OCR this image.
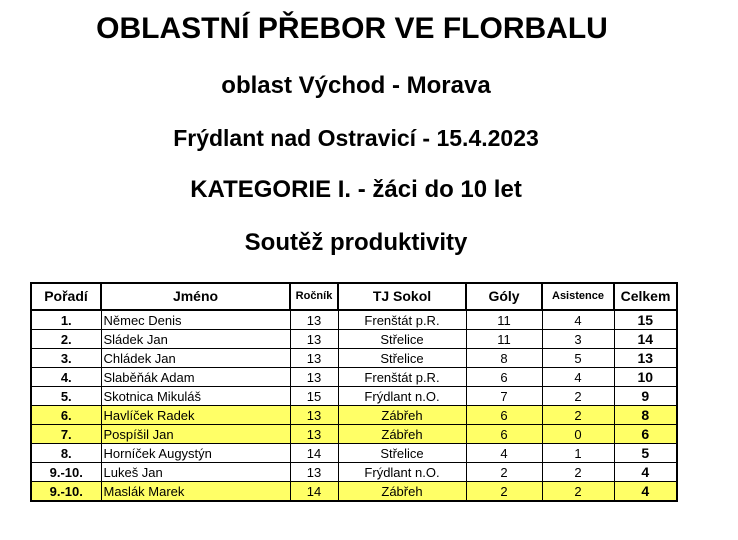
OBLASTNÍ PŘEBOR VE FLORBALU
oblast Východ - Morava
Frýdlant nad Ostravicí - 15.4.2023
KATEGORIE I. - žáci do 10 let
Soutěž produktivity
Pořadí	Jméno	Ročník	TJ Sokol	Góly	Asistence	Celkem
1.	Němec Denis	13	Frenštát p.R.	11	4	15
2.	Sládek Jan	13	Střelice	11	3	14
3.	Chládek Jan	13	Střelice	8	5	13
4.	Slaběňák Adam	13	Frenštát p.R.	6	4	10
5.	Skotnica Mikuláš	15	Frýdlant n.O.	7	2	9
6.	Havlíček Radek	13	Zábřeh	6	2	8
7.	Pospíšil Jan	13	Zábřeh	6	0	6
8.	Horníček Augystýn	14	Střelice	4	1	5
9.-10.	Lukeš Jan	13	Frýdlant n.O.	2	2	4
9.-10.	Maslák Marek	14	Zábřeh	2	2	4
